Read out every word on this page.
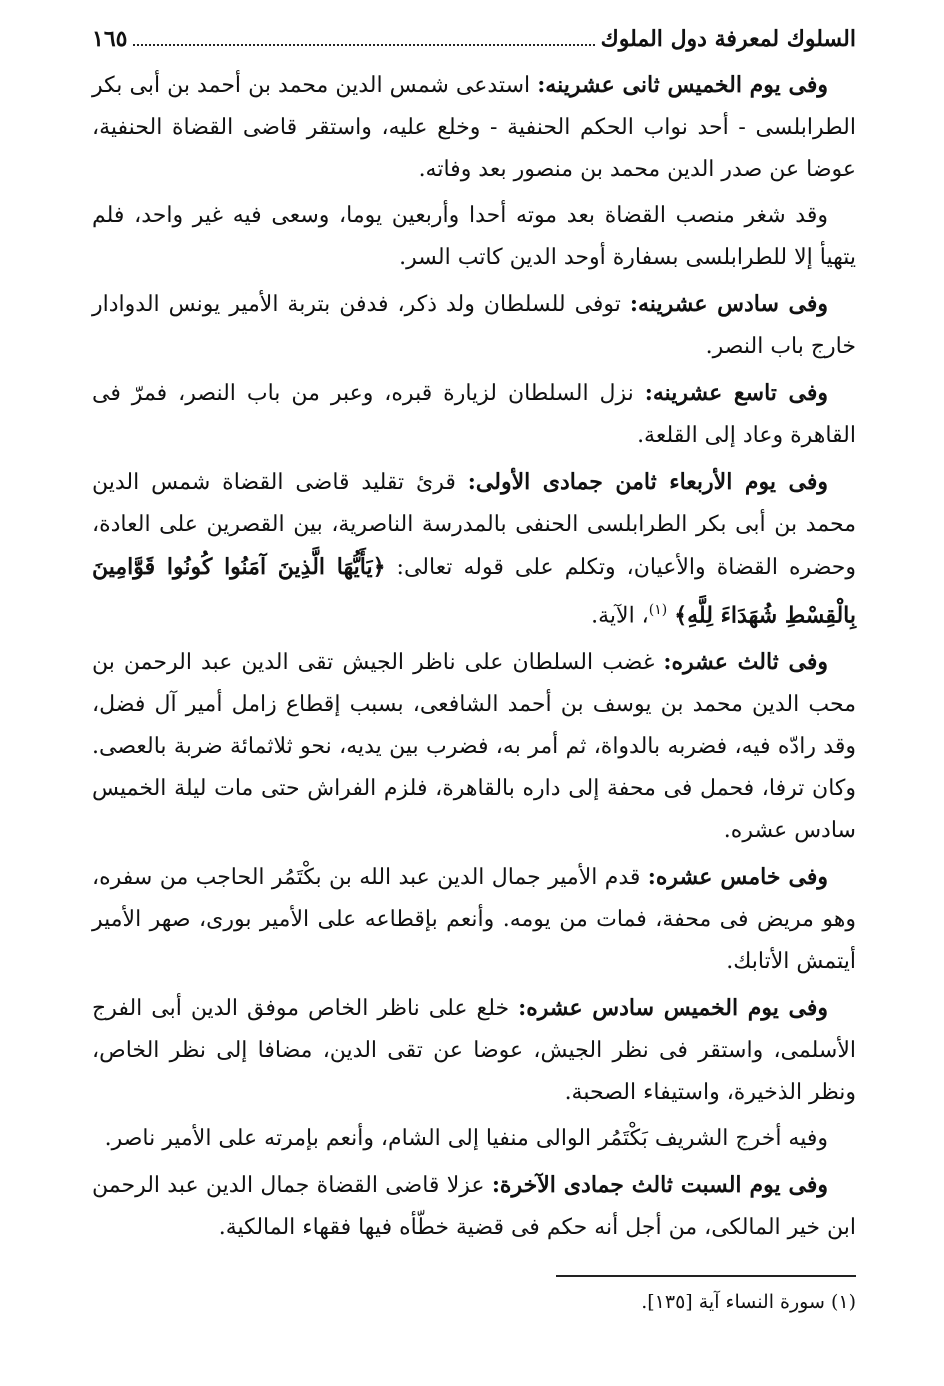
السلوك لمعرفة دول الملوك
١٦٥

وفى يوم الخميس ثانى عشرينه: استدعى شمس الدين محمد بن أحمد بن أبى بكر الطرابلسى - أحد نواب الحكم الحنفية - وخلع عليه، واستقر قاضى القضاة الحنفية، عوضا عن صدر الدين محمد بن منصور بعد وفاته.

وقد شغر منصب القضاة بعد موته أحدا وأربعين يوما، وسعى فيه غير واحد، فلم يتهيأ إلا للطرابلسى بسفارة أوحد الدين كاتب السر.

وفى سادس عشرينه: توفى للسلطان ولد ذكر، فدفن بتربة الأمير يونس الدوادار خارج باب النصر.

وفى تاسع عشرينه: نزل السلطان لزيارة قبره، وعبر من باب النصر، فمرّ فى القاهرة وعاد إلى القلعة.

وفى يوم الأربعاء ثامن جمادى الأولى: قرئ تقليد قاضى القضاة شمس الدين محمد بن أبى بكر الطرابلسى الحنفى بالمدرسة الناصرية، بين القصرين على العادة، وحضره القضاة والأعيان، وتكلم على قوله تعالى: ﴿يَأَيُّهَا الَّذِينَ آمَنُوا كُونُوا قَوَّامِينَ بِالْقِسْطِ شُهَدَاءَ لِلَّهِ﴾ $^{(١)}$، الآية.

وفى ثالث عشره: غضب السلطان على ناظر الجيش تقى الدين عبد الرحمن بن محب الدين محمد بن يوسف بن أحمد الشافعى، بسبب إقطاع زامل أمير آل فضل، وقد رادّه فيه، فضربه بالدواة، ثم أمر به، فضرب بين يديه، نحو ثلاثمائة ضربة بالعصى. وكان ترفا، فحمل فى محفة إلى داره بالقاهرة، فلزم الفراش حتى مات ليلة الخميس سادس عشره.

وفى خامس عشره: قدم الأمير جمال الدين عبد الله بن بكْتَمُر الحاجب من سفره، وهو مريض فى محفة، فمات من يومه. وأنعم بإقطاعه على الأمير بورى، صهر الأمير أيتمش الأتابك.

وفى يوم الخميس سادس عشره: خلع على ناظر الخاص موفق الدين أبى الفرج الأسلمى، واستقر فى نظر الجيش، عوضا عن تقى الدين، مضافا إلى نظر الخاص، ونظر الذخيرة، واستيفاء الصحبة.

وفيه أخرج الشريف بَكْتَمُر الوالى منفيا إلى الشام، وأنعم بإمرته على الأمير ناصر.

وفى يوم السبت ثالث جمادى الآخرة: عزلا قاضى القضاة جمال الدين عبد الرحمن ابن خير المالكى، من أجل أنه حكم فى قضية خطّأه فيها فقهاء المالكية.

(١) سورة النساء آية [١٣٥].
